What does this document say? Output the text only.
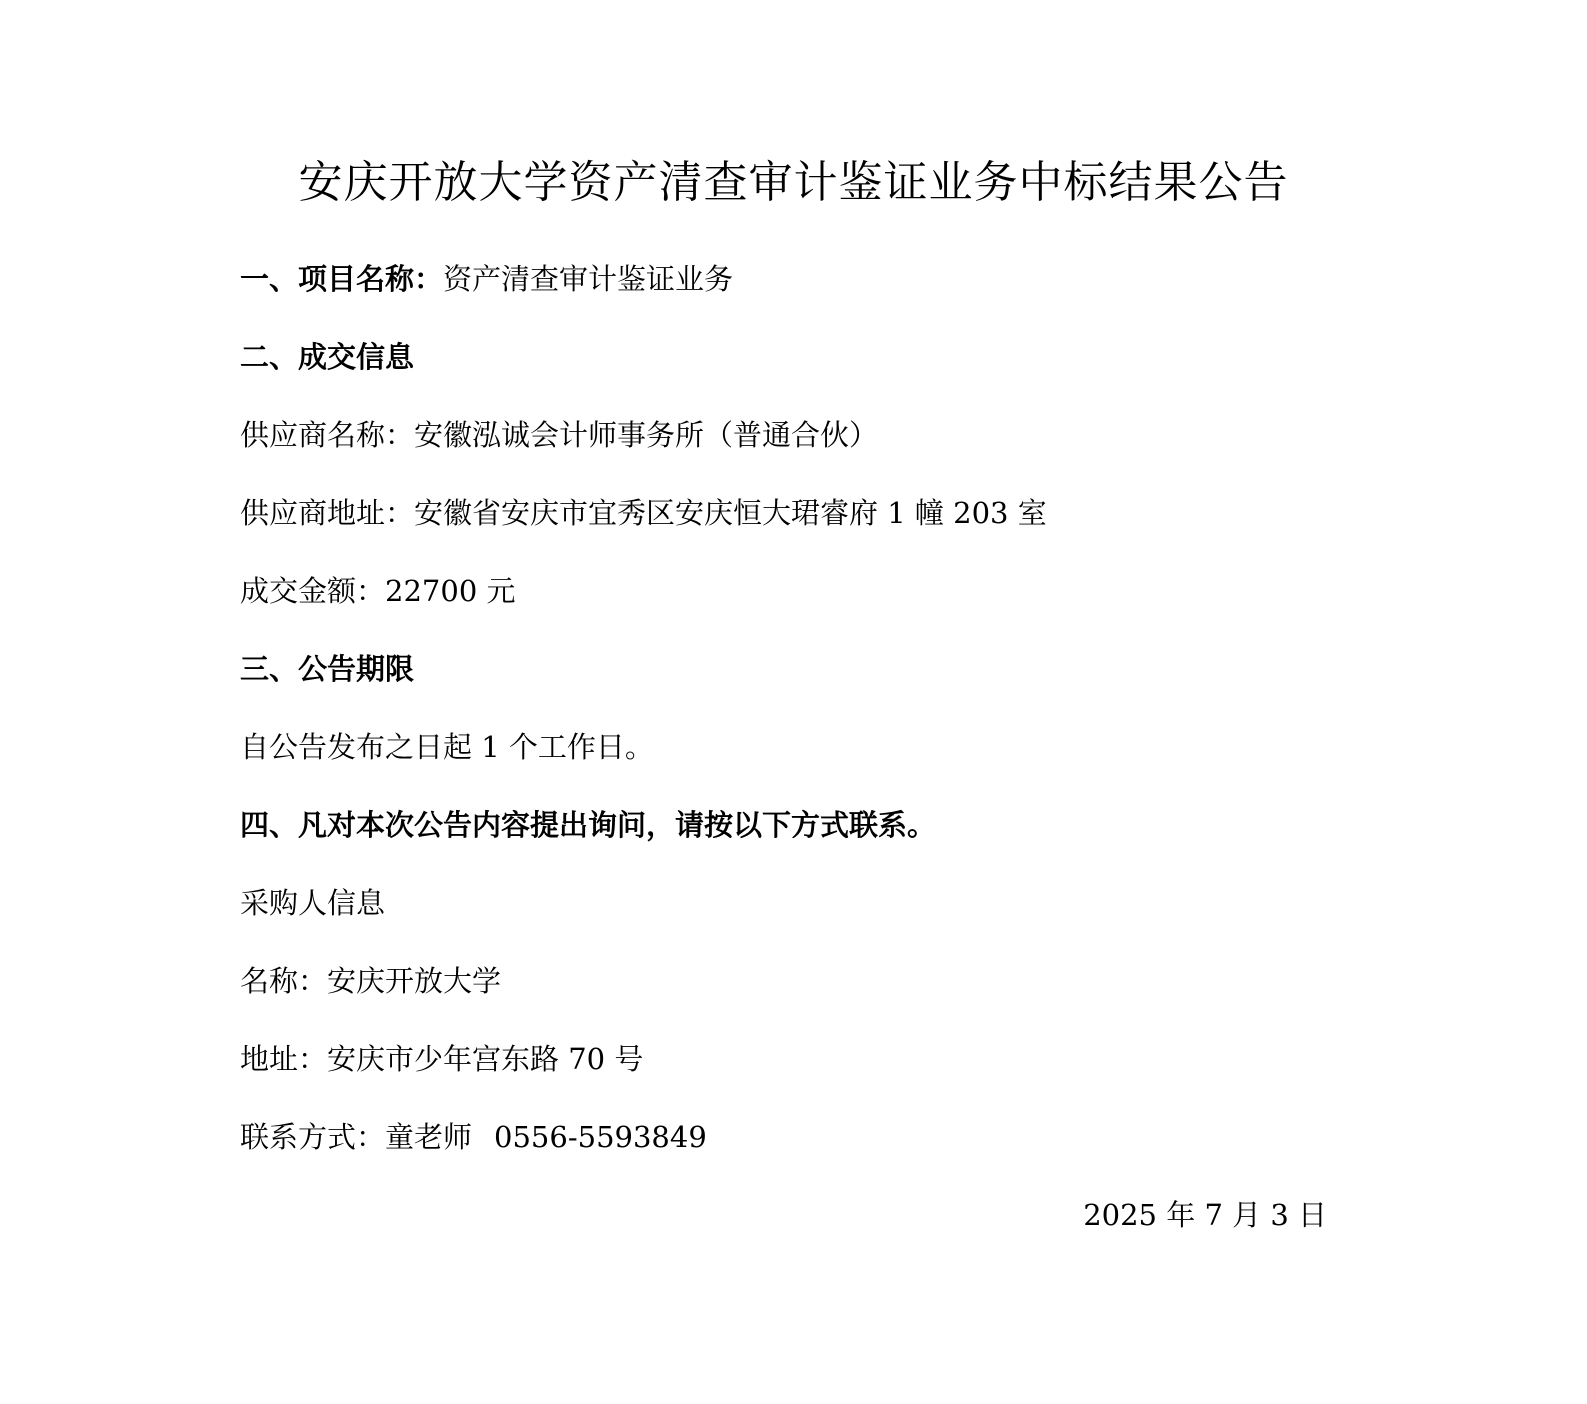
安庆开放大学资产清查审计鉴证业务中标结果公告

一、项目名称：资产清查审计鉴证业务

二、成交信息

供应商名称：安徽泓诚会计师事务所（普通合伙）

供应商地址：安徽省安庆市宜秀区安庆恒大珺睿府 1 幢 203 室

成交金额：22700 元

三、公告期限

自公告发布之日起 1 个工作日。

四、凡对本次公告内容提出询问，请按以下方式联系。

采购人信息

名称：安庆开放大学

地址：安庆市少年宫东路 70 号

联系方式：童老师 0556-5593849

2025 年 7 月 3 日
